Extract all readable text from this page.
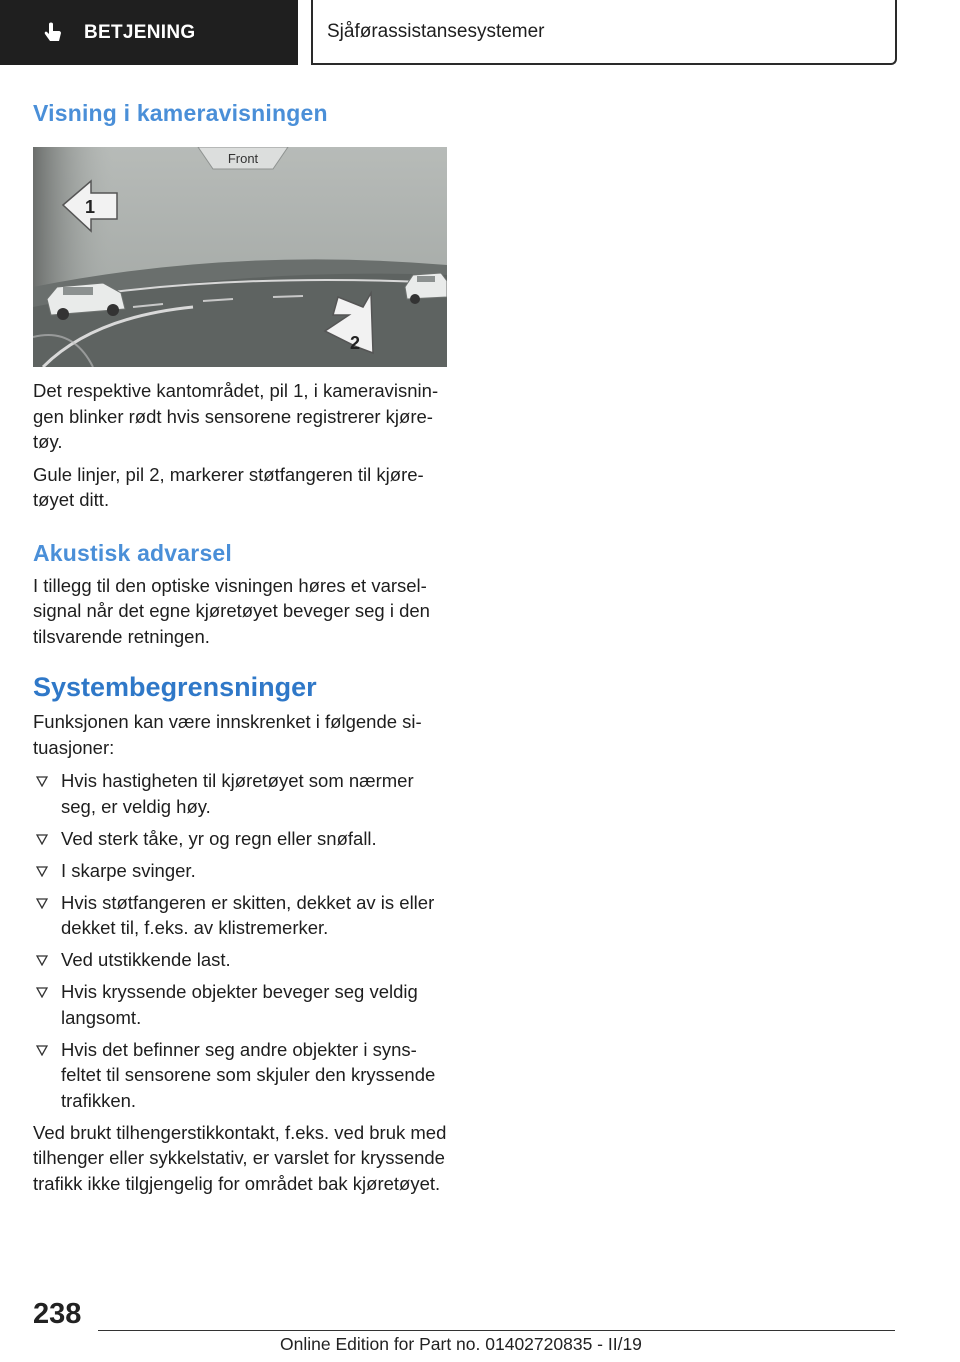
BETJENING	Sjåførassistansesystemer
Visning i kameravisningen
Front
1
2

Det respektive kantområdet, pil 1, i kameravisnin-gen blinker rødt hvis sensorene registrerer kjøre-tøy.

Gule linjer, pil 2, markerer støtfangeren til kjøre-tøyet ditt.

Akustisk advarsel

I tillegg til den optiske visningen høres et varsel-signal når det egne kjøretøyet beveger seg i den tilsvarende retningen.

Systembegrensninger

Funksjonen kan være innskrenket i følgende si-tuasjoner:

Hvis hastigheten til kjøretøyet som nærmer seg, er veldig høy.
Ved sterk tåke, yr og regn eller snøfall.
I skarpe svinger.
Hvis støtfangeren er skitten, dekket av is eller dekket til, f.eks. av klistremerker.
Ved utstikkende last.
Hvis kryssende objekter beveger seg veldig langsomt.
Hvis det befinner seg andre objekter i syns-feltet til sensorene som skjuler den kryssende trafikken.

Ved brukt tilhengerstikkontakt, f.eks. ved bruk med tilhenger eller sykkelstativ, er varslet for kryssende trafikk ikke tilgjengelig for området bak kjøretøyet.

238
Online Edition for Part no. 01402720835 - II/19
